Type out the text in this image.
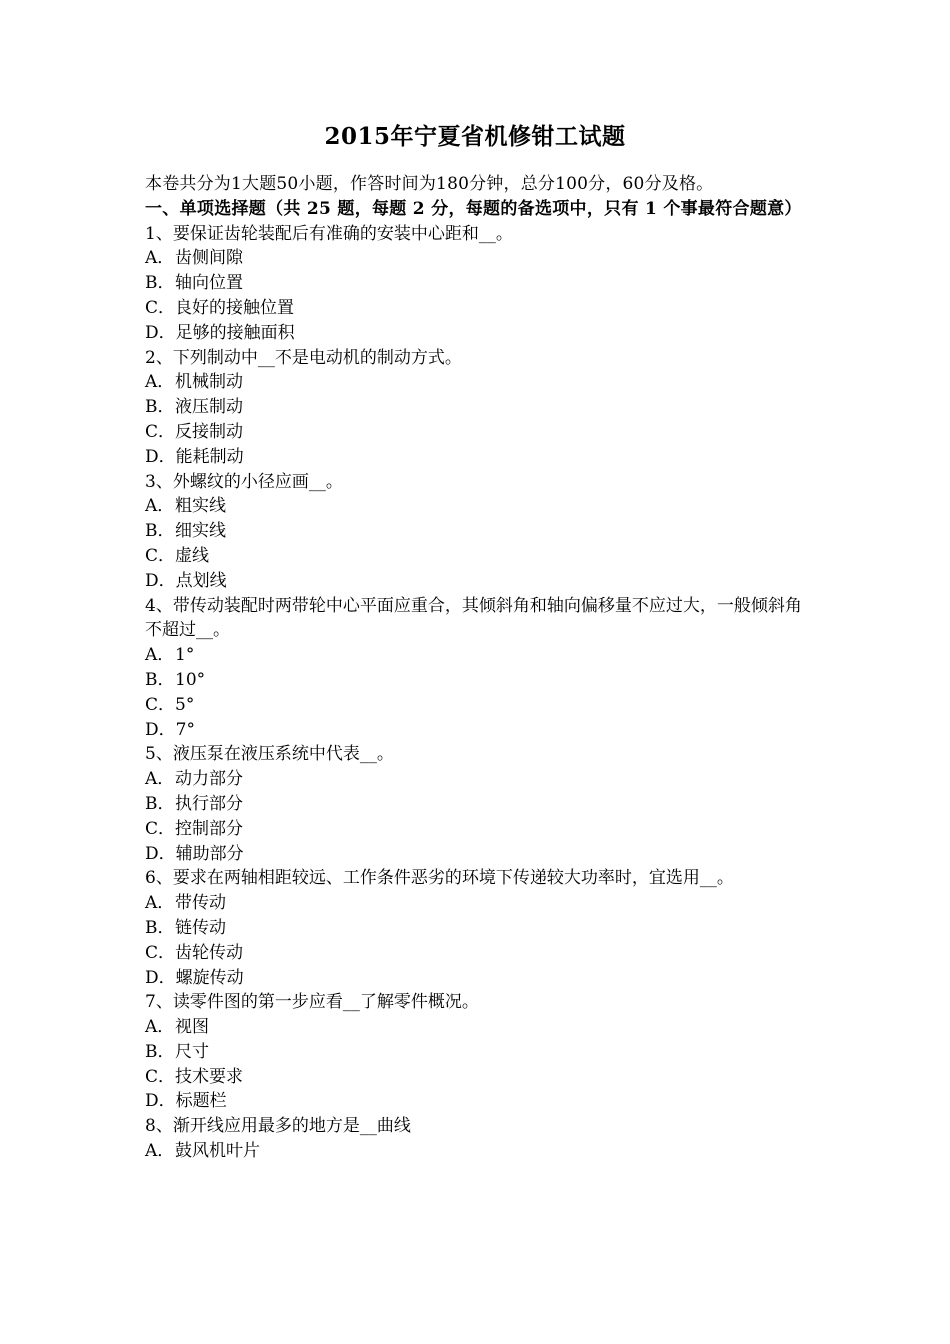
2015年宁夏省机修钳工试题
本卷共分为1大题50小题，作答时间为180分钟，总分100分，60分及格。
一、单项选择题（共 25 题，每题 2 分，每题的备选项中，只有 1 个事最符合题意）
1、要保证齿轮装配后有准确的安装中心距和__。
A．齿侧间隙
B．轴向位置
C．良好的接触位置
D．足够的接触面积
2、下列制动中__不是电动机的制动方式。
A．机械制动
B．液压制动
C．反接制动
D．能耗制动
3、外螺纹的小径应画__。
A．粗实线
B．细实线
C．虚线
D．点划线
4、带传动装配时两带轮中心平面应重合，其倾斜角和轴向偏移量不应过大，一般倾斜角不超过__。
A．1°
B．10°
C．5°
D．7°
5、液压泵在液压系统中代表__。
A．动力部分
B．执行部分
C．控制部分
D．辅助部分
6、要求在两轴相距较远、工作条件恶劣的环境下传递较大功率时，宜选用__。
A．带传动
B．链传动
C．齿轮传动
D．螺旋传动
7、读零件图的第一步应看__了解零件概况。
A．视图
B．尺寸
C．技术要求
D．标题栏
8、渐开线应用最多的地方是__曲线
A．鼓风机叶片
